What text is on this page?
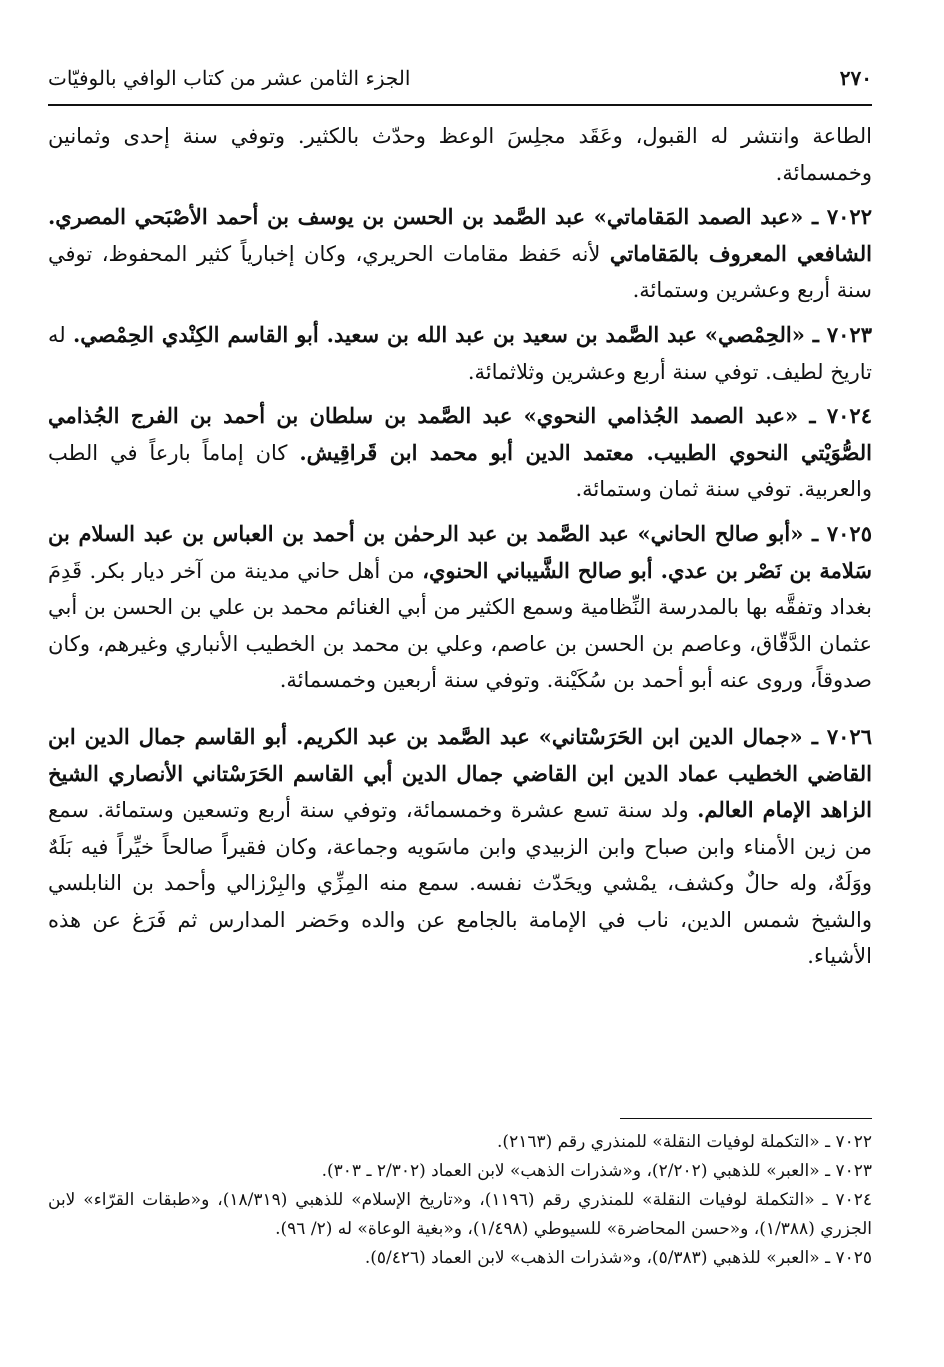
٢٧٠
الجزء الثامن عشر من كتاب الوافي بالوفيّات

الطاعة وانتشر له القبول، وعَقَد مجلِسَ الوعظ وحدّث بالكثير. وتوفي سنة إحدى وثمانين وخمسمائة.

٧٠٢٢ ـ «عبد الصمد المَقاماتي» عبد الصَّمد بن الحسن بن يوسف بن أحمد الأصْبَحي المصري. الشافعي المعروف بالمَقاماتي لأنه حَفظ مقامات الحريري، وكان إخبارياً كثير المحفوظ، توفي سنة أربع وعشرين وستمائة.

٧٠٢٣ ـ «الحِمْصي» عبد الصَّمد بن سعيد بن عبد الله بن سعيد. أبو القاسم الكِنْدي الحِمْصي. له تاريخ لطيف. توفي سنة أربع وعشرين وثلاثمائة.

٧٠٢٤ ـ «عبد الصمد الجُذامي النحوي» عبد الصَّمد بن سلطان بن أحمد بن الفرج الجُذامي الصُّوَيْتي النحوي الطبيب. معتمد الدين أبو محمد ابن قَراقِيش. كان إماماً بارعاً في الطب والعربية. توفي سنة ثمان وستمائة.

٧٠٢٥ ـ «أبو صالح الحاني» عبد الصَّمد بن عبد الرحمٰن بن أحمد بن العباس بن عبد السلام بن سَلامة بن نَصْر بن عدي. أبو صالح الشَّيباني الحنوي، من أهل حاني مدينة من آخر ديار بكر. قَدِمَ بغداد وتفقَّه بها بالمدرسة النِّظامية وسمع الكثير من أبي الغنائم محمد بن علي بن الحسن بن أبي عثمان الدَّقّاق، وعاصم بن الحسن بن عاصم، وعلي بن محمد بن الخطيب الأنباري وغيرهم، وكان صدوقاً، وروى عنه أبو أحمد بن سُكَيْنة. وتوفي سنة أربعين وخمسمائة.

٧٠٢٦ ـ «جمال الدين ابن الحَرَسْتاني» عبد الصَّمد بن عبد الكريم. أبو القاسم جمال الدين ابن القاضي الخطيب عماد الدين ابن القاضي جمال الدين أبي القاسم الحَرَسْتاني الأنصاري الشيخ الزاهد الإمام العالم. ولد سنة تسع عشرة وخمسمائة، وتوفي سنة أربع وتسعين وستمائة. سمع من زين الأمناء وابن صباح وابن الزبيدي وابن ماسَويه وجماعة، وكان فقيراً صالحاً خيِّراً فيه بَلَهٌ ووَلَهٌ، وله حالٌ وكشف، يمْشي ويحَدّث نفسه. سمع منه المِزِّي والبِرْزالي وأحمد بن النابلسي والشيخ شمس الدين، ناب في الإمامة بالجامع عن والده وحَضر المدارس ثم فَرَغ عن هذه الأشياء.

٧٠٢٢ ـ «التكملة لوفيات النقلة» للمنذري رقم (٢١٦٣).

٧٠٢٣ ـ «العبر» للذهبي (٢/٢٠٢)، و«شذرات الذهب» لابن العماد (٢/٣٠٢ ـ ٣٠٣).

٧٠٢٤ ـ «التكملة لوفيات النقلة» للمنذري رقم (١١٩٦)، و«تاريخ الإسلام» للذهبي (١٨/٣١٩)، و«طبقات القرّاء» لابن الجزري (١/٣٨٨)، و«حسن المحاضرة» للسيوطي (١/٤٩٨)، و«بغية الوعاة» له (٢/ ٩٦).

٧٠٢٥ ـ «العبر» للذهبي (٥/٣٨٣)، و«شذرات الذهب» لابن العماد (٥/٤٢٦).
